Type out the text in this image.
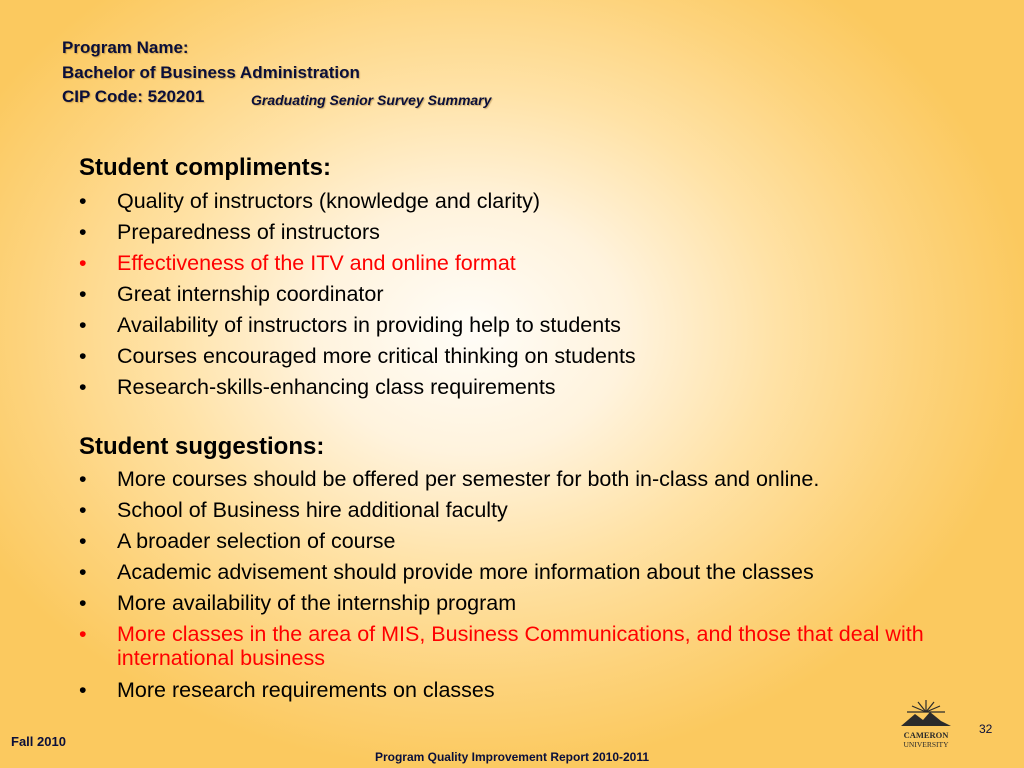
Program Name:
Bachelor of Business Administration
CIP Code: 520201	Graduating Senior Survey Summary
Student compliments:
• Quality of instructors (knowledge and clarity)
• Preparedness of instructors
• Effectiveness of the ITV and online format
• Great internship coordinator
• Availability of instructors in providing help to students
• Courses encouraged more critical thinking on students
• Research-skills-enhancing class requirements
Student suggestions:
• More courses should be offered per semester for both in-class and online.
• School of Business hire additional faculty
• A broader selection of course
• Academic advisement should provide more information about the classes
• More availability of the internship program
• More classes in the area of MIS, Business Communications, and those that deal with international business
• More research requirements on classes
Fall 2010
Program Quality Improvement Report 2010-2011
32
CAMERON
UNIVERSITY
